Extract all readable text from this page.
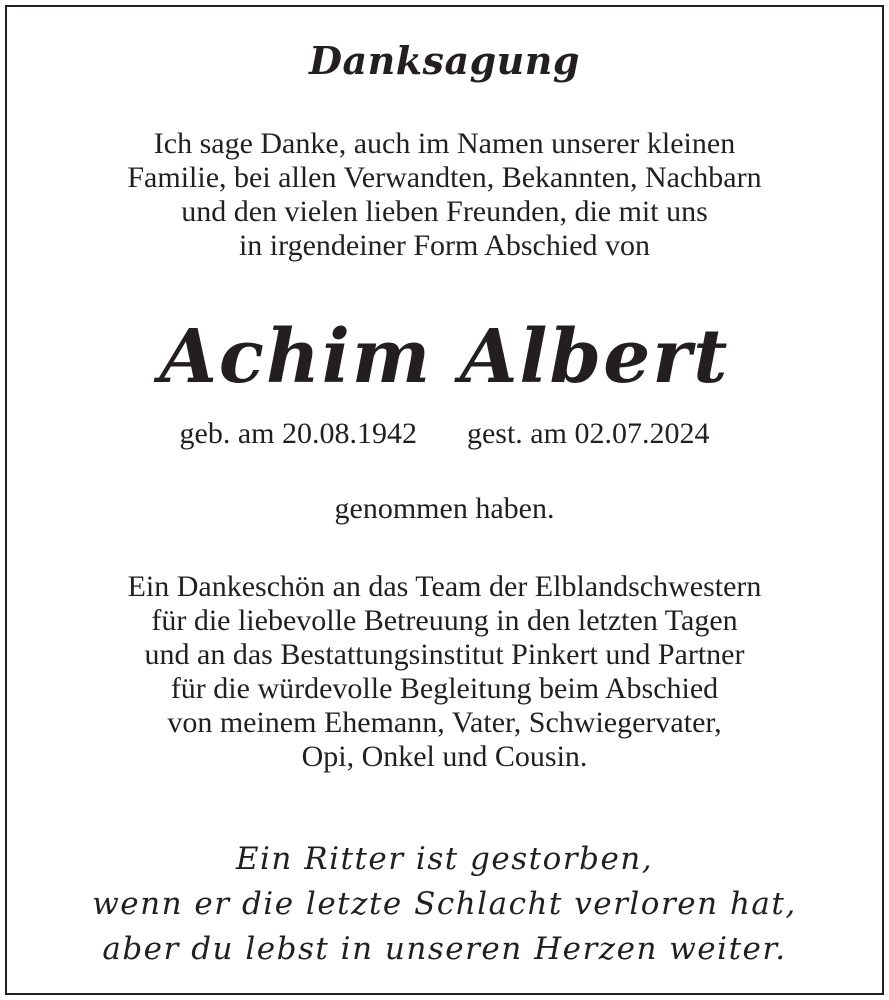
Danksagung
Ich sage Danke, auch im Namen unserer kleinen
Familie, bei allen Verwandten, Bekannten, Nachbarn
und den vielen lieben Freunden, die mit uns
in irgendeiner Form Abschied von
Achim Albert
geb. am 20.08.1942 gest. am 02.07.2024
genommen haben.
Ein Dankeschön an das Team der Elblandschwestern
für die liebevolle Betreuung in den letzten Tagen
und an das Bestattungsinstitut Pinkert und Partner
für die würdevolle Begleitung beim Abschied
von meinem Ehemann, Vater, Schwiegervater,
Opi, Onkel und Cousin.
Ein Ritter ist gestorben,
wenn er die letzte Schlacht verloren hat,
aber du lebst in unseren Herzen weiter.
